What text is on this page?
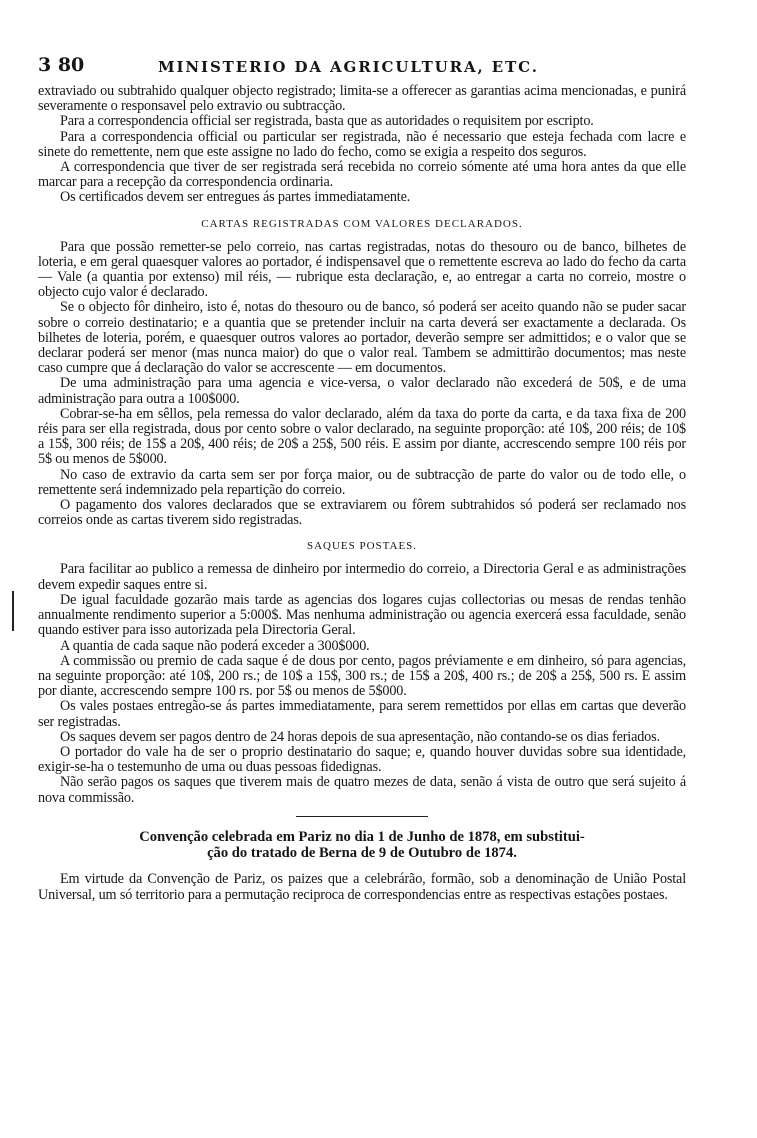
3 80	MINISTERIO DA AGRICULTURA, ETC.

extraviado ou subtrahido qualquer objecto registrado; limita-se a offerecer as garantias acima mencionadas, e punirá severamente o responsavel pelo extravio ou subtracção.

Para a correspondencia official ser registrada, basta que as autoridades o requisitem por escripto.

Para a correspondencia official ou particular ser registrada, não é necessario que esteja fechada com lacre e sinete do remettente, nem que este assigne no lado do fecho, como se exigia a respeito dos seguros.

A correspondencia que tiver de ser registrada será recebida no correio sómente até uma hora antes da que elle marcar para a recepção da correspondencia ordinaria.

Os certificados devem ser entregues ás partes immediatamente.

CARTAS REGISTRADAS COM VALORES DECLARADOS.

Para que possão remetter-se pelo correio, nas cartas registradas, notas do thesouro ou de banco, bilhetes de loteria, e em geral quaesquer valores ao portador, é indispensavel que o remettente escreva ao lado do fecho da carta — Vale (a quantia por extenso) mil réis, — rubrique esta declaração, e, ao entregar a carta no correio, mostre o objecto cujo valor é declarado.

Se o objecto fôr dinheiro, isto é, notas do thesouro ou de banco, só poderá ser aceito quando não se puder sacar sobre o correio destinatario; e a quantia que se pretender incluir na carta deverá ser exactamente a declarada. Os bilhetes de loteria, porém, e quaesquer outros valores ao portador, deverão sempre ser admittidos; e o valor que se declarar poderá ser menor (mas nunca maior) do que o valor real. Tambem se admittirão documentos; mas neste caso cumpre que á declaração do valor se accrescente — em documentos.

De uma administração para uma agencia e vice-versa, o valor declarado não excederá de 50$, e de uma administração para outra a 100$000.

Cobrar-se-ha em sêllos, pela remessa do valor declarado, além da taxa do porte da carta, e da taxa fixa de 200 réis para ser ella registrada, dous por cento sobre o valor declarado, na seguinte proporção: até 10$, 200 réis; de 10$ a 15$, 300 réis; de 15$ a 20$, 400 réis; de 20$ a 25$, 500 réis. E assim por diante, accrescendo sempre 100 réis por 5$ ou menos de 5$000.

No caso de extravio da carta sem ser por força maior, ou de subtracção de parte do valor ou de todo elle, o remettente será indemnizado pela repartição do correio.

O pagamento dos valores declarados que se extraviarem ou fôrem subtrahidos só poderá ser reclamado nos correios onde as cartas tiverem sido registradas.

SAQUES POSTAES.

Para facilitar ao publico a remessa de dinheiro por intermedio do correio, a Directoria Geral e as administrações devem expedir saques entre si.

De igual faculdade gozarão mais tarde as agencias dos logares cujas collectorias ou mesas de rendas tenhão annualmente rendimento superior a 5:000$. Mas nenhuma administração ou agencia exercerá essa faculdade, senão quando estiver para isso autorizada pela Directoria Geral.

A quantia de cada saque não poderá exceder a 300$000.

A commissão ou premio de cada saque é de dous por cento, pagos préviamente e em dinheiro, só para agencias, na seguinte proporção: até 10$, 200 rs.; de 10$ a 15$, 300 rs.; de 15$ a 20$, 400 rs.; de 20$ a 25$, 500 rs. E assim por diante, accrescendo sempre 100 rs. por 5$ ou menos de 5$000.

Os vales postaes entregão-se ás partes immediatamente, para serem remettidos por ellas em cartas que deverão ser registradas.

Os saques devem ser pagos dentro de 24 horas depois de sua apresentação, não contando-se os dias feriados.

O portador do vale ha de ser o proprio destinatario do saque; e, quando houver duvidas sobre sua identidade, exigir-se-ha o testemunho de uma ou duas pessoas fidedignas.

Não serão pagos os saques que tiverem mais de quatro mezes de data, senão á vista de outro que será sujeito á nova commissão.

Convenção celebrada em Pariz no dia 1 de Junho de 1878, em substitui-
ção do tratado de Berna de 9 de Outubro de 1874.

Em virtude da Convenção de Pariz, os paizes que a celebrárão, formão, sob a denominação de União Postal Universal, um só territorio para a permutação reciproca de correspondencias entre as respectivas estações postaes.
